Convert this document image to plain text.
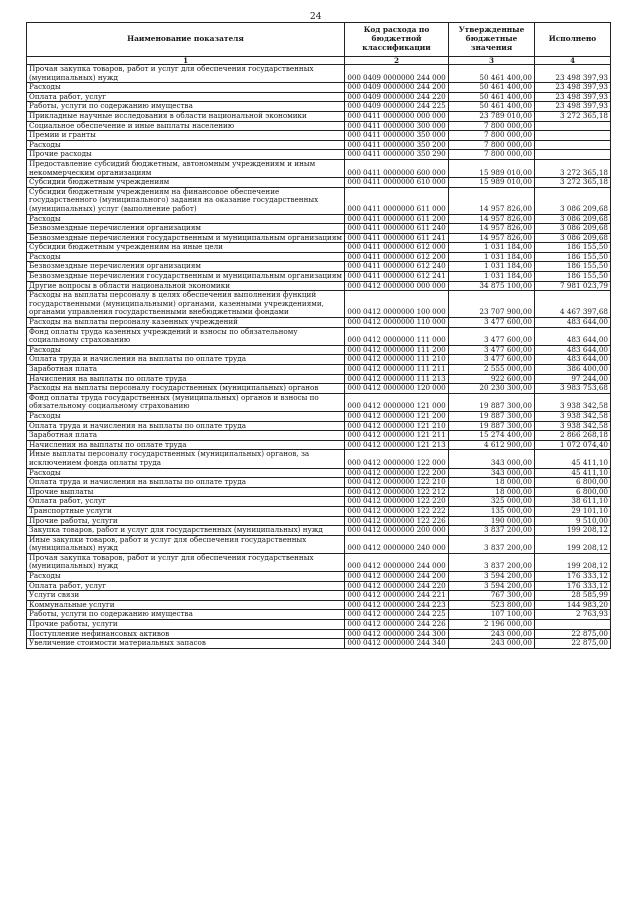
24
Наименование показателя	Код расхода по бюджетной классификации	Утвержденные бюджетные значения	Исполнено
1	2	3	4
Прочая закупка товаров, работ и услуг для обеспечения государственных (муниципальных) нужд	000 0409 0000000 244 000	50 461 400,00	23 498 397,93
Расходы	000 0409 0000000 244 200	50 461 400,00	23 498 397,93
Оплата работ, услуг	000 0409 0000000 244 220	50 461 400,00	23 498 397,93
Работы, услуги по содержанию имущества	000 0409 0000000 244 225	50 461 400,00	23 498 397,93
Прикладные научные исследования в области национальной экономики	000 0411 0000000 000 000	23 789 010,00	3 272 365,18
Социальное обеспечение и иные выплаты населению	000 0411 0000000 300 000	7 800 000,00	
Премии и гранты	000 0411 0000000 350 000	7 800 000,00	
Расходы	000 0411 0000000 350 200	7 800 000,00	
Прочие расходы	000 0411 0000000 350 290	7 800 000,00	
Предоставление субсидий бюджетным, автономным учреждениям и иным некоммерческим организациям	000 0411 0000000 600 000	15 989 010,00	3 272 365,18
Субсидии бюджетным учреждениям	000 0411 0000000 610 000	15 989 010,00	3 272 365,18
Субсидии бюджетным учреждениям на финансовое обеспечение государственного (муниципального) задания на оказание государственных (муниципальных) услуг (выполнение работ)	000 0411 0000000 611 000	14 957 826,00	3 086 209,68
Расходы	000 0411 0000000 611 200	14 957 826,00	3 086 209,68
Безвозмездные перечисления организациям	000 0411 0000000 611 240	14 957 826,00	3 086 209,68
Безвозмездные перечисления государственным и муниципальным организациям	000 0411 0000000 611 241	14 957 826,00	3 086 209,68
Субсидии бюджетным учреждениям на иные цели	000 0411 0000000 612 000	1 031 184,00	186 155,50
Расходы	000 0411 0000000 612 200	1 031 184,00	186 155,50
Безвозмездные перечисления организациям	000 0411 0000000 612 240	1 031 184,00	186 155,50
Безвозмездные перечисления государственным и муниципальным организациям	000 0411 0000000 612 241	1 031 184,00	186 155,50
Другие вопросы в области национальной экономики	000 0412 0000000 000 000	34 875 100,00	7 981 023,79
Расходы на выплаты персоналу в целях обеспечения выполнения функций государственными (муниципальными) органами, казенными учреждениями, органами управления государственными внебюджетными фондами	000 0412 0000000 100 000	23 707 900,00	4 467 397,68
Расходы на выплаты персоналу казенных учреждений	000 0412 0000000 110 000	3 477 600,00	483 644,00
Фонд оплаты труда казенных учреждений и взносы по обязательному социальному страхованию	000 0412 0000000 111 000	3 477 600,00	483 644,00
Расходы	000 0412 0000000 111 200	3 477 600,00	483 644,00
Оплата труда и начисления на выплаты по оплате труда	000 0412 0000000 111 210	3 477 600,00	483 644,00
Заработная плата	000 0412 0000000 111 211	2 555 000,00	386 400,00
Начисления на выплаты по оплате труда	000 0412 0000000 111 213	922 600,00	97 244,00
Расходы на выплаты персоналу государственных (муниципальных) органов	000 0412 0000000 120 000	20 230 300,00	3 983 753,68
Фонд оплаты труда государственных (муниципальных) органов и взносы по обязательному социальному страхованию	000 0412 0000000 121 000	19 887 300,00	3 938 342,58
Расходы	000 0412 0000000 121 200	19 887 300,00	3 938 342,58
Оплата труда и начисления на выплаты по оплате труда	000 0412 0000000 121 210	19 887 300,00	3 938 342,58
Заработная плата	000 0412 0000000 121 211	15 274 400,00	2 866 268,18
Начисления на выплаты по оплате труда	000 0412 0000000 121 213	4 612 900,00	1 072 074,40
Иные выплаты персоналу государственных (муниципальных) органов, за исключением фонда оплаты труда	000 0412 0000000 122 000	343 000,00	45 411,10
Расходы	000 0412 0000000 122 200	343 000,00	45 411,10
Оплата труда и начисления на выплаты по оплате труда	000 0412 0000000 122 210	18 000,00	6 800,00
Прочие выплаты	000 0412 0000000 122 212	18 000,00	6 800,00
Оплата работ, услуг	000 0412 0000000 122 220	325 000,00	38 611,10
Транспортные услуги	000 0412 0000000 122 222	135 000,00	29 101,10
Прочие работы, услуги	000 0412 0000000 122 226	190 000,00	9 510,00
Закупка товаров, работ и услуг для государственных (муниципальных) нужд	000 0412 0000000 200 000	3 837 200,00	199 208,12
Иные закупки товаров, работ и услуг для обеспечения государственных (муниципальных) нужд	000 0412 0000000 240 000	3 837 200,00	199 208,12
Прочая закупка товаров, работ и услуг для обеспечения государственных (муниципальных) нужд	000 0412 0000000 244 000	3 837 200,00	199 208,12
Расходы	000 0412 0000000 244 200	3 594 200,00	176 333,12
Оплата работ, услуг	000 0412 0000000 244 220	3 594 200,00	176 333,12
Услуги связи	000 0412 0000000 244 221	767 300,00	28 585,99
Коммунальные услуги	000 0412 0000000 244 223	523 800,00	144 983,20
Работы, услуги по содержанию имущества	000 0412 0000000 244 225	107 100,00	2 763,93
Прочие работы, услуги	000 0412 0000000 244 226	2 196 000,00	
Поступление нефинансовых активов	000 0412 0000000 244 300	243 000,00	22 875,00
Увеличение стоимости материальных запасов	000 0412 0000000 244 340	243 000,00	22 875,00
